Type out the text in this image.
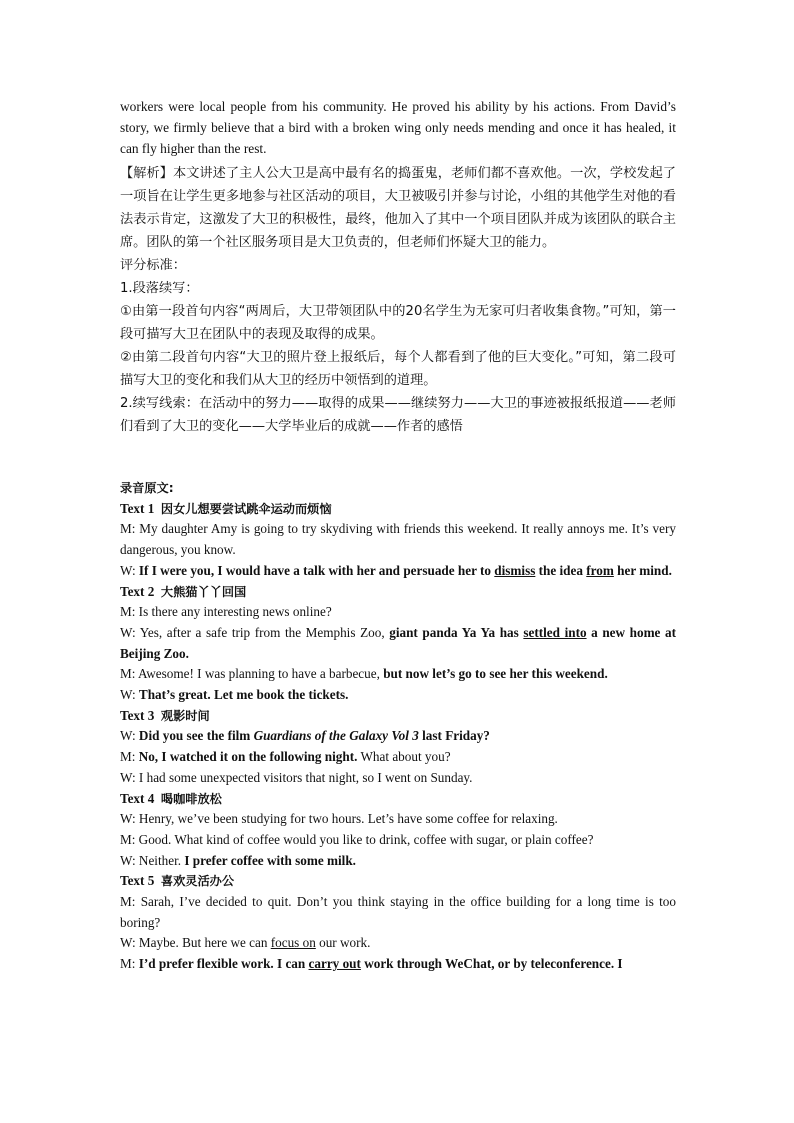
workers were local people from his community. He proved his ability by his actions. From David’s story, we firmly believe that a bird with a broken wing only needs mending and once it has healed, it can fly higher than the rest.

【解析】本文讲述了主人公大卫是高中最有名的捣蛋鬼，老师们都不喜欢他。一次，学校发起了一项旨在让学生更多地参与社区活动的项目，大卫被吸引并参与讨论，小组的其他学生对他的看法表示肯定，这激发了大卫的积极性，最终，他加入了其中一个项目团队并成为该团队的联合主席。团队的第一个社区服务项目是大卫负责的，但老师们怀疑大卫的能力。

评分标准：

1.段落续写：

①由第一段首句内容“两周后，大卫带领团队中的20名学生为无家可归者收集食物。”可知，第一段可描写大卫在团队中的表现及取得的成果。

②由第二段首句内容“大卫的照片登上报纸后，每个人都看到了他的巨大变化。”可知，第二段可描写大卫的变化和我们从大卫的经历中领悟到的道理。

2.续写线索：在活动中的努力——取得的成果——继续努力——大卫的事迹被报纸报道——老师们看到了大卫的变化——大学毕业后的成就——作者的感悟

录音原文:

Text 1 因女儿想要尝试跳伞运动而烦恼

M: My daughter Amy is going to try skydiving with friends this weekend. It really annoys me. It’s very dangerous, you know.

W: If I were you, I would have a talk with her and persuade her to dismiss the idea from her mind.

Text 2 大熊猫丫丫回国

M: Is there any interesting news online?

W: Yes, after a safe trip from the Memphis Zoo, giant panda Ya Ya has settled into a new home at Beijing Zoo.

M: Awesome! I was planning to have a barbecue, but now let’s go to see her this weekend.

W: That’s great. Let me book the tickets.

Text 3 观影时间

W: Did you see the film Guardians of the Galaxy Vol 3 last Friday?

M: No, I watched it on the following night. What about you?

W: I had some unexpected visitors that night, so I went on Sunday.

Text 4 喝咖啡放松

W: Henry, we’ve been studying for two hours. Let’s have some coffee for relaxing.

M: Good. What kind of coffee would you like to drink, coffee with sugar, or plain coffee?

W: Neither. I prefer coffee with some milk.

Text 5 喜欢灵活办公

M: Sarah, I’ve decided to quit. Don’t you think staying in the office building for a long time is too boring?

W: Maybe. But here we can focus on our work.

M: I’d prefer flexible work. I can carry out work through WeChat, or by teleconference. I
